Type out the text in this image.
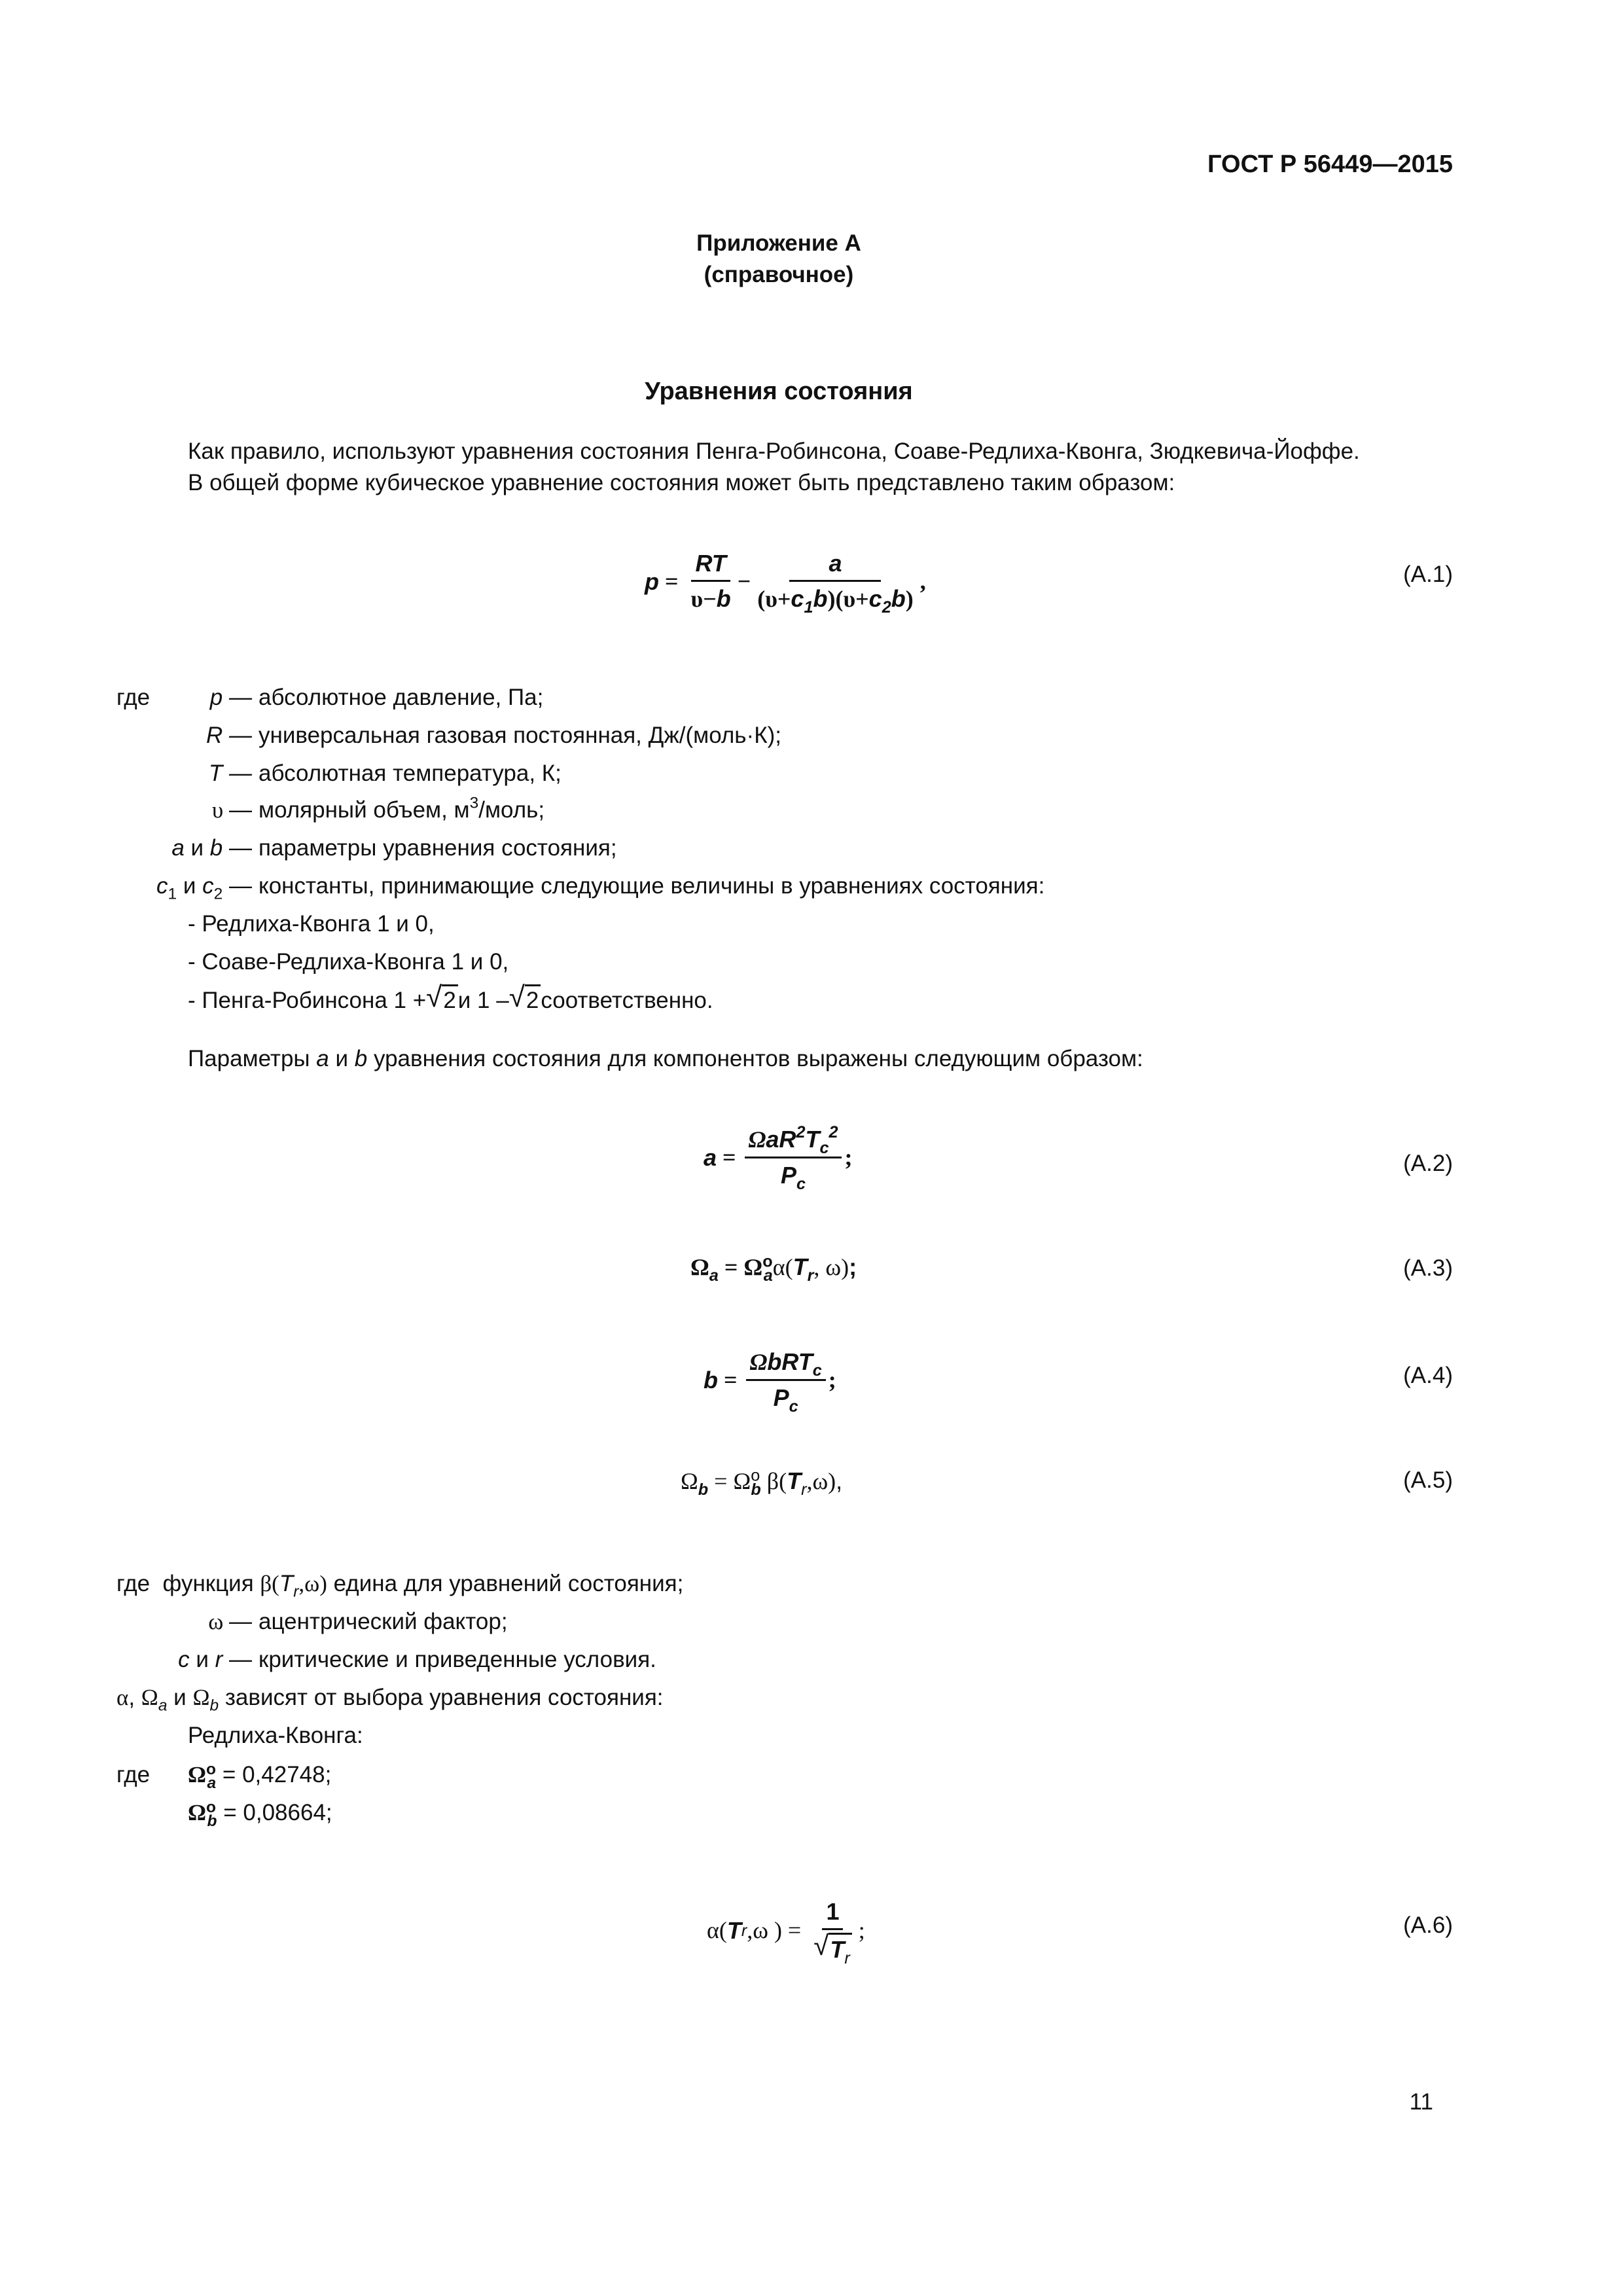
ГОСТ Р 56449—2015
Приложение А
(справочное)
Уравнения состояния
Как правило, используют уравнения состояния Пенга-Робинсона, Соаве-Редлиха-Квонга, Зюдкевича-Йоффе.
В общей форме кубическое уравнение состояния может быть представлено таким образом:
$p = \frac{RT}{\upsilon-b} - \frac{a}{(\upsilon+c_1b)(\upsilon+c_2b)}$ ,	(А.1)
где	p — абсолютное давление, Па;
R — универсальная газовая постоянная, Дж/(моль·К);
T — абсолютная температура, К;
υ — молярный объем, $м^3$/моль;
a и b — параметры уравнения состояния;
$c_1$ и $c_2$ — константы, принимающие следующие величины в уравнениях состояния:
- Редлиха-Квонга 1 и 0,
- Соаве-Редлиха-Квонга 1 и 0,
- Пенга-Робинсона 1 + √ 2 и 1 – √ 2 соответственно.
Параметры a и b уравнения состояния для компонентов выражены следующим образом:
$a = \frac{\Omega aR^2T_c^2}{P_c}$ ;	(А.2)
$\Omega_a = \Omega^o_a\alpha(T_r$, ω);	(А.3)
$b = \frac{\Omega bRT_c}{P_c}$ ;	(А.4)
$\Omega_b = \Omega^o_b$ $\beta(T_r,\omega)$,	(А.5)
где функция $\beta(T_r,\omega)$ едина для уравнений состояния;
ω — ацентрический фактор;
c и r — критические и приведенные условия.
α, $\Omega_a$ и $\Omega_b$ зависят от выбора уравнения состояния:
Редлиха-Квонга:
где $\Omega^o_a = 0,42748$;
$\Omega^o_b = 0,08664$;
α( T r ,ω ) = $\frac{1}{√ T_r}$ ;	(А.6)
11
